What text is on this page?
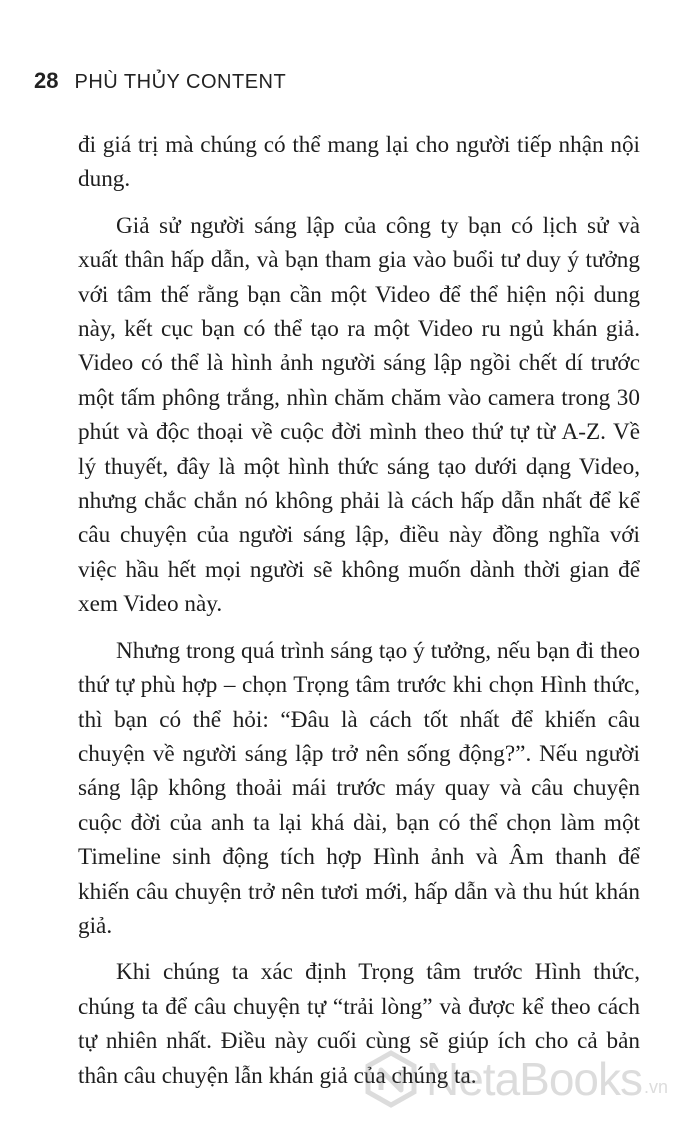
28 PHÙ THỦY CONTENT

đi giá trị mà chúng có thể mang lại cho người tiếp nhận nội dung.

Giả sử người sáng lập của công ty bạn có lịch sử và xuất thân hấp dẫn, và bạn tham gia vào buổi tư duy ý tưởng với tâm thế rằng bạn cần một Video để thể hiện nội dung này, kết cục bạn có thể tạo ra một Video ru ngủ khán giả. Video có thể là hình ảnh người sáng lập ngồi chết dí trước một tấm phông trắng, nhìn chăm chăm vào camera trong 30 phút và độc thoại về cuộc đời mình theo thứ tự từ A-Z. Về lý thuyết, đây là một hình thức sáng tạo dưới dạng Video, nhưng chắc chắn nó không phải là cách hấp dẫn nhất để kể câu chuyện của người sáng lập, điều này đồng nghĩa với việc hầu hết mọi người sẽ không muốn dành thời gian để xem Video này.

Nhưng trong quá trình sáng tạo ý tưởng, nếu bạn đi theo thứ tự phù hợp – chọn Trọng tâm trước khi chọn Hình thức, thì bạn có thể hỏi: “Đâu là cách tốt nhất để khiến câu chuyện về người sáng lập trở nên sống động?”. Nếu người sáng lập không thoải mái trước máy quay và câu chuyện cuộc đời của anh ta lại khá dài, bạn có thể chọn làm một Timeline sinh động tích hợp Hình ảnh và Âm thanh để khiến câu chuyện trở nên tươi mới, hấp dẫn và thu hút khán giả.

Khi chúng ta xác định Trọng tâm trước Hình thức, chúng ta để câu chuyện tự “trải lòng” và được kể theo cách tự nhiên nhất. Điều này cuối cùng sẽ giúp ích cho cả bản thân câu chuyện lẫn khán giả của chúng ta.

NetaBooks .vn
